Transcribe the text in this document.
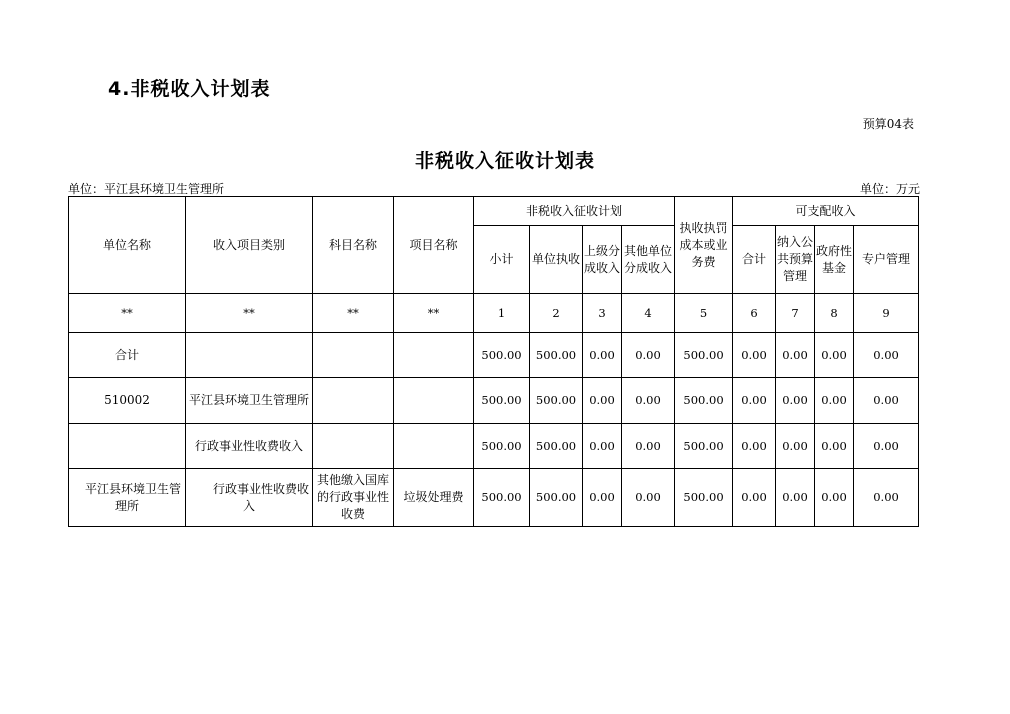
4.非税收入计划表
预算04表
非税收入征收计划表
单位：平江县环境卫生管理所	单位：万元
单位名称	收入项目类别	科目名称	项目名称	非税收入征收计划				执收执罚成本或业务费	可支配收入			
				小计	单位执收	上级分成收入	其他单位分成收入		合计	纳入公共预算管理	政府性基金	专户管理
**	**	**	**	1	2	3	4	5	6	7	8	9
合计				500.00	500.00	0.00	0.00	500.00	0.00	0.00	0.00	0.00
510002	平江县环境卫生管理所			500.00	500.00	0.00	0.00	500.00	0.00	0.00	0.00	0.00
	行政事业性收费收入			500.00	500.00	0.00	0.00	500.00	0.00	0.00	0.00	0.00
平江县环境卫生管理所	行政事业性收费收入	其他缴入国库的行政事业性收费	垃圾处理费	500.00	500.00	0.00	0.00	500.00	0.00	0.00	0.00	0.00
